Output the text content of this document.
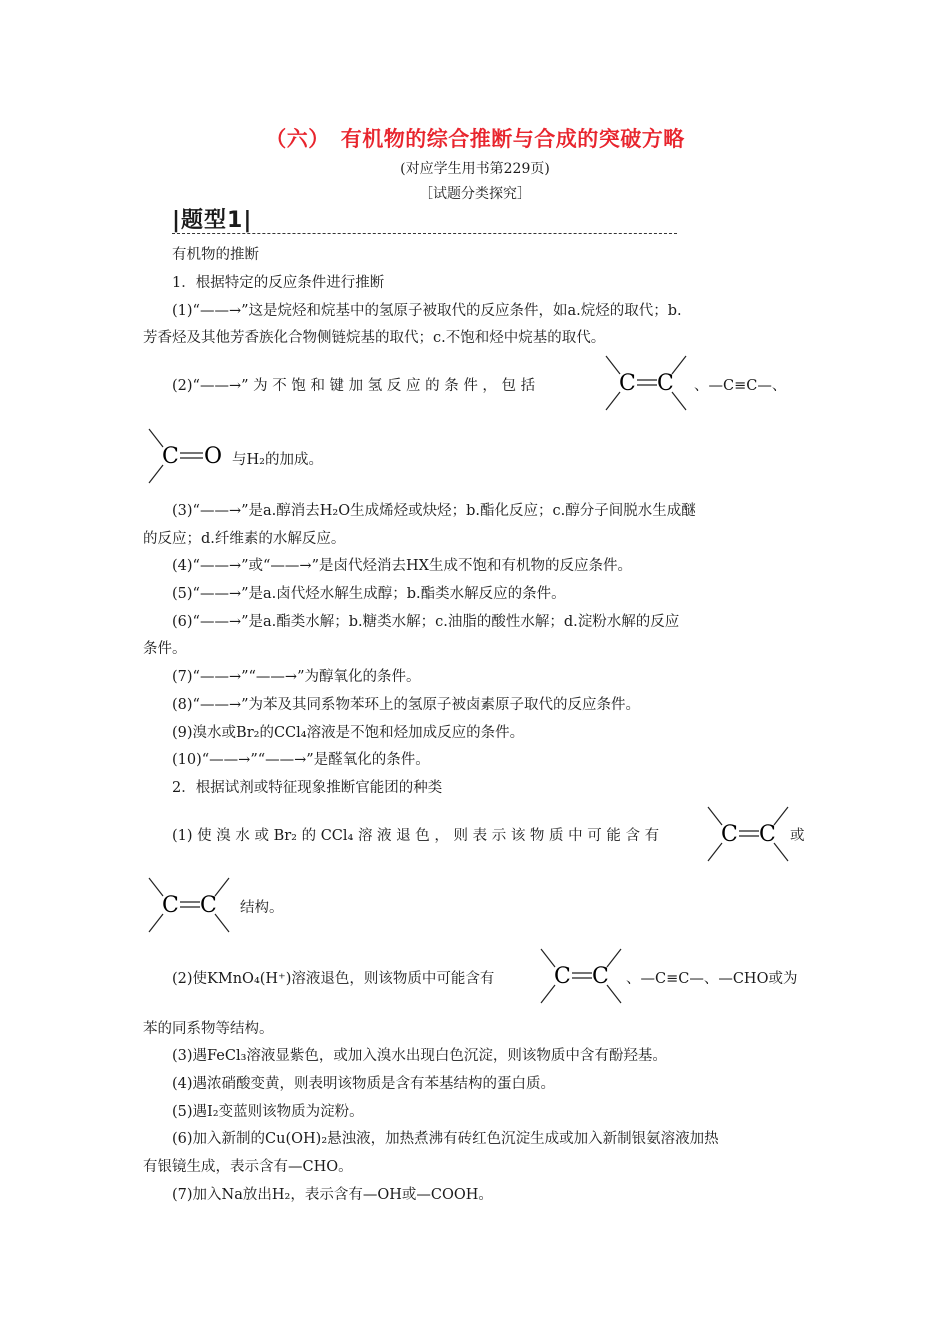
（六）　有机物的综合推断与合成的突破方略
(对应学生用书第229页)
［试题分类探究］
|题型1|
有机物的推断
1．根据特定的反应条件进行推断
(1)“——→”这是烷烃和烷基中的氢原子被取代的反应条件，如a.烷烃的取代；b.
芳香烃及其他芳香族化合物侧链烷基的取代；c.不饱和烃中烷基的取代。
(2)“——→” 为 不 饱 和 键 加 氢 反 应 的 条 件 ， 包 括	C C 、—C≡C—、
C O 与H₂的加成。
(3)“——→”是a.醇消去H₂O生成烯烃或炔烃；b.酯化反应；c.醇分子间脱水生成醚
的反应；d.纤维素的水解反应。
(4)“——→”或“——→”是卤代烃消去HX生成不饱和有机物的反应条件。
(5)“——→”是a.卤代烃水解生成醇；b.酯类水解反应的条件。
(6)“——→”是a.酯类水解；b.糖类水解；c.油脂的酸性水解；d.淀粉水解的反应
条件。
(7)“——→”“——→”为醇氧化的条件。
(8)“——→”为苯及其同系物苯环上的氢原子被卤素原子取代的反应条件。
(9)溴水或Br₂的CCl₄溶液是不饱和烃加成反应的条件。
(10)“——→”“——→”是醛氧化的条件。
2．根据试剂或特征现象推断官能团的种类
(1) 使 溴 水 或 Br₂ 的 CCl₄ 溶 液 退 色 ， 则 表 示 该 物 质 中 可 能 含 有	C C 或
C C 结构。
(2)使KMnO₄(H⁺)溶液退色，则该物质中可能含有	C C 、—C≡C—、—CHO或为
苯的同系物等结构。
(3)遇FeCl₃溶液显紫色，或加入溴水出现白色沉淀，则该物质中含有酚羟基。
(4)遇浓硝酸变黄，则表明该物质是含有苯基结构的蛋白质。
(5)遇I₂变蓝则该物质为淀粉。
(6)加入新制的Cu(OH)₂悬浊液，加热煮沸有砖红色沉淀生成或加入新制银氨溶液加热
有银镜生成，表示含有—CHO。
(7)加入Na放出H₂，表示含有—OH或—COOH。
